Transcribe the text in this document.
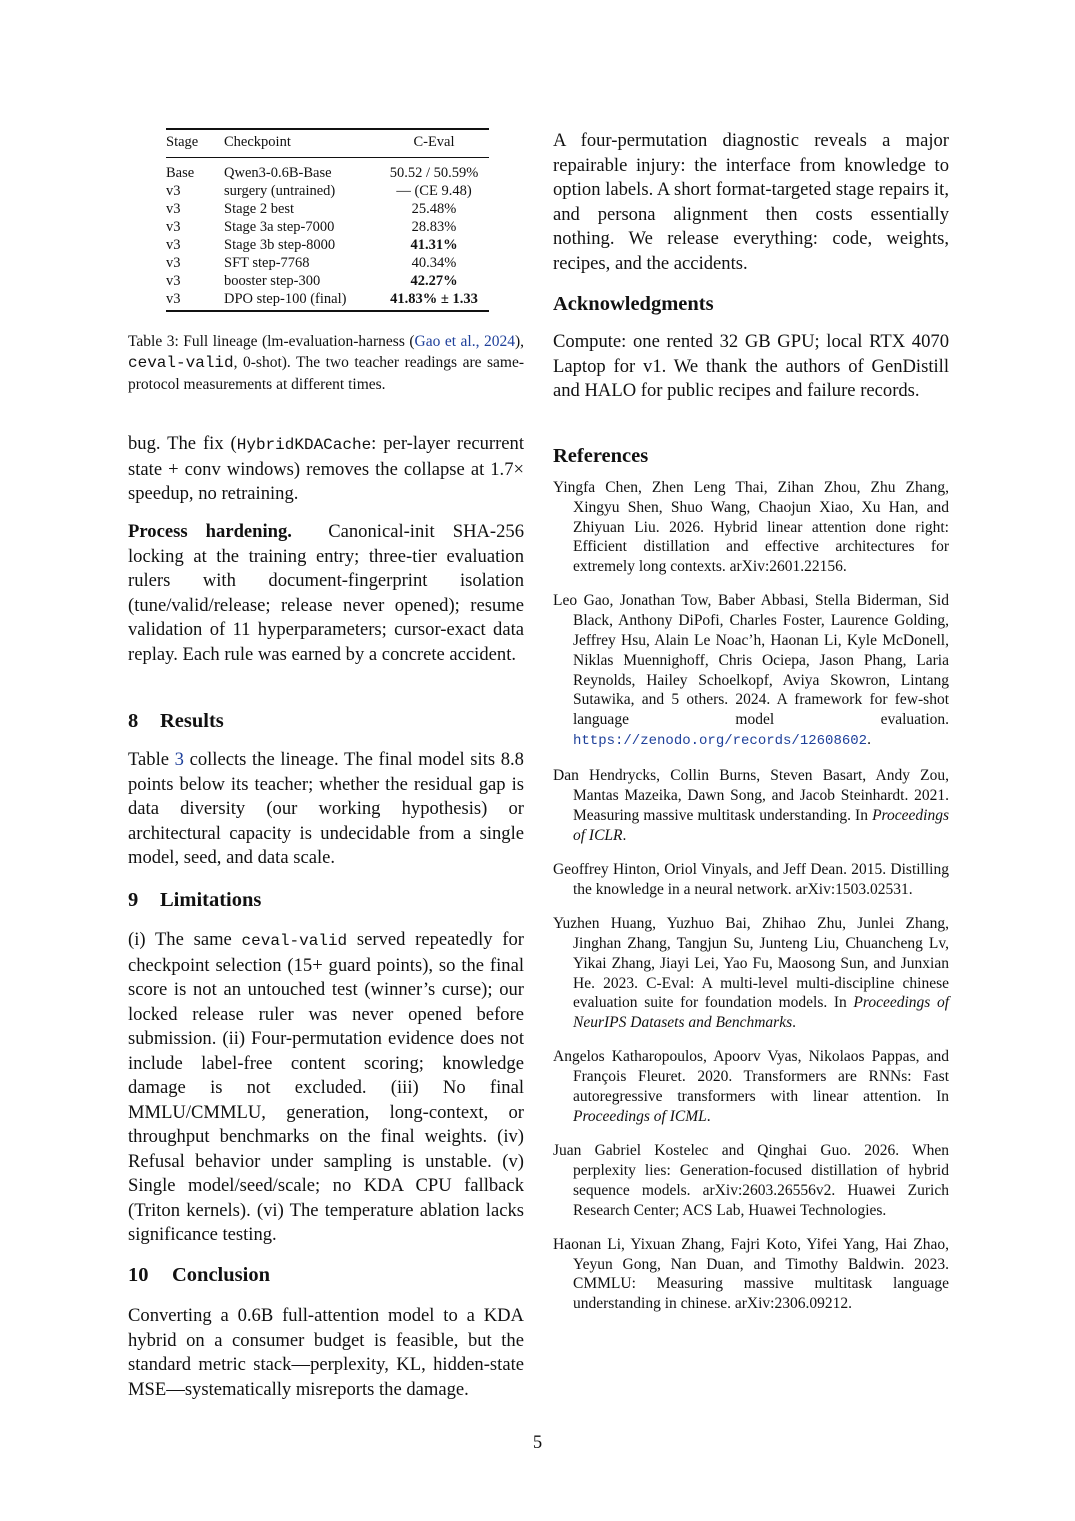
Stage	Checkpoint	C-Eval
Base	Qwen3-0.6B-Base	50.52 / 50.59%
v3	surgery (untrained)	— (CE 9.48)
v3	Stage 2 best	25.48%
v3	Stage 3a step-7000	28.83%
v3	Stage 3b step-8000	41.31%
v3	SFT step-7768	40.34%
v3	booster step-300	42.27%
v3	DPO step-100 (final)	41.83% ± 1.33
Table 3: Full lineage (lm-evaluation-harness (Gao et al., 2024), ceval-valid, 0-shot). The two teacher readings are same-protocol measurements at different times.
bug. The fix (HybridKDACache: per-layer recurrent state + conv windows) removes the collapse at 1.7× speedup, no retraining.
Process hardening. Canonical-init SHA-256 locking at the training entry; three-tier evaluation rulers with document-fingerprint isolation (tune/valid/release; release never opened); resume validation of 11 hyperparameters; cursor-exact data replay. Each rule was earned by a concrete accident.
8 Results
Table 3 collects the lineage. The final model sits 8.8 points below its teacher; whether the residual gap is data diversity (our working hypothesis) or architectural capacity is undecidable from a single model, seed, and data scale.
9 Limitations
(i) The same ceval-valid served repeatedly for checkpoint selection (15+ guard points), so the final score is not an untouched test (winner’s curse); our locked release ruler was never opened before submission. (ii) Four-permutation evidence does not include label-free content scoring; knowledge damage is not excluded. (iii) No final MMLU/CMMLU, generation, long-context, or throughput benchmarks on the final weights. (iv) Refusal behavior under sampling is unstable. (v) Single model/seed/scale; no KDA CPU fallback (Triton kernels). (vi) The temperature ablation lacks significance testing.
10 Conclusion
Converting a 0.6B full-attention model to a KDA hybrid on a consumer budget is feasible, but the standard metric stack—perplexity, KL, hidden-state MSE—systematically misreports the damage.
A four-permutation diagnostic reveals a major repairable injury: the interface from knowledge to option labels. A short format-targeted stage repairs it, and persona alignment then costs essentially nothing. We release everything: code, weights, recipes, and the accidents.
Acknowledgments
Compute: one rented 32 GB GPU; local RTX 4070 Laptop for v1. We thank the authors of GenDistill and HALO for public recipes and failure records.
References
Yingfa Chen, Zhen Leng Thai, Zihan Zhou, Zhu Zhang, Xingyu Shen, Shuo Wang, Chaojun Xiao, Xu Han, and Zhiyuan Liu. 2026. Hybrid linear attention done right: Efficient distillation and effective architectures for extremely long contexts. arXiv:2601.22156.
Leo Gao, Jonathan Tow, Baber Abbasi, Stella Biderman, Sid Black, Anthony DiPofi, Charles Foster, Laurence Golding, Jeffrey Hsu, Alain Le Noac’h, Haonan Li, Kyle McDonell, Niklas Muennighoff, Chris Ociepa, Jason Phang, Laria Reynolds, Hailey Schoelkopf, Aviya Skowron, Lintang Sutawika, and 5 others. 2024. A framework for few-shot language model evaluation. https://zenodo.org/records/12608602.
Dan Hendrycks, Collin Burns, Steven Basart, Andy Zou, Mantas Mazeika, Dawn Song, and Jacob Steinhardt. 2021. Measuring massive multitask understanding. In Proceedings of ICLR.
Geoffrey Hinton, Oriol Vinyals, and Jeff Dean. 2015. Distilling the knowledge in a neural network. arXiv:1503.02531.
Yuzhen Huang, Yuzhuo Bai, Zhihao Zhu, Junlei Zhang, Jinghan Zhang, Tangjun Su, Junteng Liu, Chuancheng Lv, Yikai Zhang, Jiayi Lei, Yao Fu, Maosong Sun, and Junxian He. 2023. C-Eval: A multi-level multi-discipline chinese evaluation suite for foundation models. In Proceedings of NeurIPS Datasets and Benchmarks.
Angelos Katharopoulos, Apoorv Vyas, Nikolaos Pappas, and François Fleuret. 2020. Transformers are RNNs: Fast autoregressive transformers with linear attention. In Proceedings of ICML.
Juan Gabriel Kostelec and Qinghai Guo. 2026. When perplexity lies: Generation-focused distillation of hybrid sequence models. arXiv:2603.26556v2. Huawei Zurich Research Center; ACS Lab, Huawei Technologies.
Haonan Li, Yixuan Zhang, Fajri Koto, Yifei Yang, Hai Zhao, Yeyun Gong, Nan Duan, and Timothy Baldwin. 2023. CMMLU: Measuring massive multitask language understanding in chinese. arXiv:2306.09212.
5
